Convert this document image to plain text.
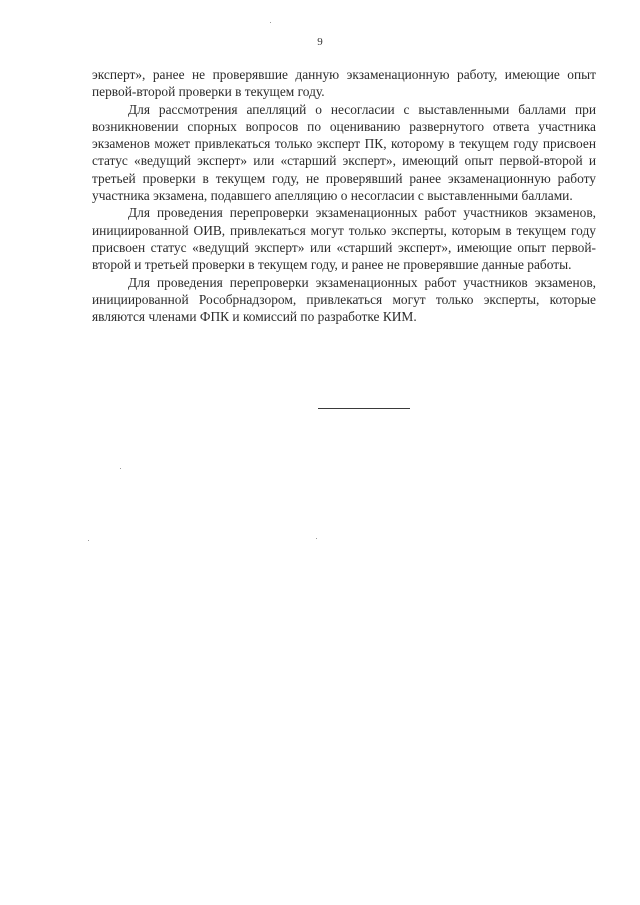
9

эксперт», ранее не проверявшие данную экзаменационную работу, имеющие опыт первой-второй проверки в текущем году.

Для рассмотрения апелляций о несогласии с выставленными баллами при возникновении спорных вопросов по оцениванию развернутого ответа участника экзаменов может привлекаться только эксперт ПК, которому в текущем году присвоен статус «ведущий эксперт» или «старший эксперт», имеющий опыт первой-второй и третьей проверки в текущем году, не проверявший ранее экзаменационную работу участника экзамена, подавшего апелляцию о несогласии с выставленными баллами.

Для проведения перепроверки экзаменационных работ участников экзаменов, инициированной ОИВ, привлекаться могут только эксперты, которым в текущем году присвоен статус «ведущий эксперт» или «старший эксперт», имеющие опыт первой-второй и третьей проверки в текущем году, и ранее не проверявшие данные работы.

Для проведения перепроверки экзаменационных работ участников экзаменов, инициированной Рособрнадзором, привлекаться могут только эксперты, которые являются членами ФПК и комиссий по разработке КИМ.
